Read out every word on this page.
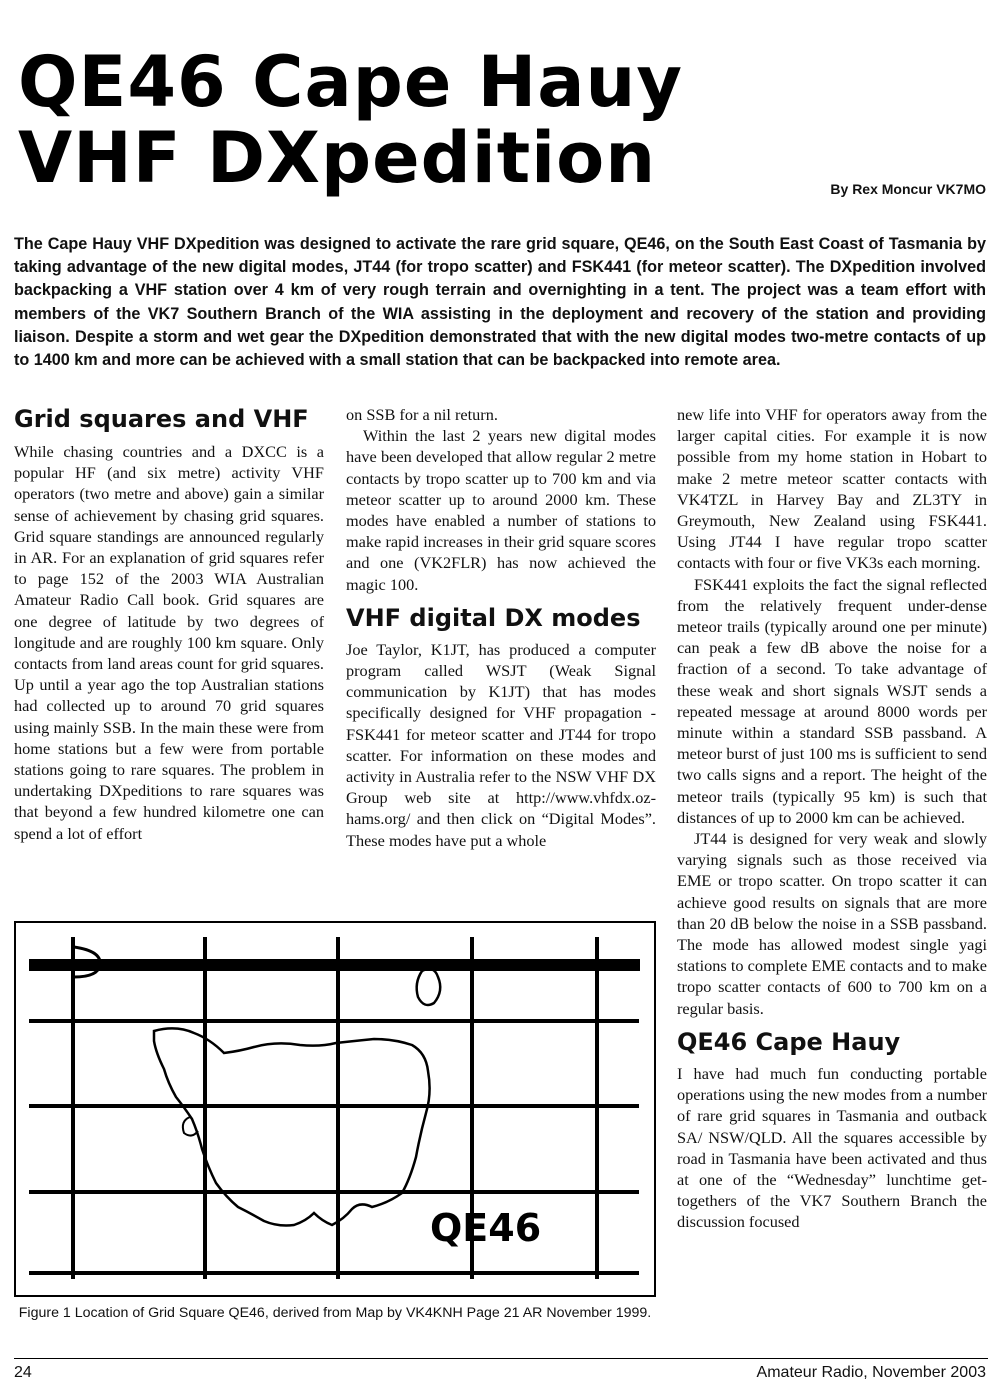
QE46 Cape Hauy
VHF DXpedition	By Rex Moncur VK7MO

The Cape Hauy VHF DXpedition was designed to activate the rare grid square, QE46, on the South East Coast of Tasmania by taking advantage of the new digital modes, JT44 (for tropo scatter) and FSK441 (for meteor scatter). The DXpedition involved backpacking a VHF station over 4 km of very rough terrain and overnighting in a tent. The project was a team effort with members of the VK7 Southern Branch of the WIA assisting in the deployment and recovery of the station and providing liaison. Despite a storm and wet gear the DXpedition demonstrated that with the new digital modes two-metre contacts of up to 1400 km and more can be achieved with a small station that can be backpacked into remote area.

Grid squares and VHF

While chasing countries and a DXCC is a popular HF (and six metre) activity VHF operators (two metre and above) gain a similar sense of achievement by chasing grid squares. Grid square standings are announced regularly in AR. For an explanation of grid squares refer to page 152 of the 2003 WIA Australian Amateur Radio Call book. Grid squares are one degree of latitude by two degrees of longitude and are roughly 100 km square. Only contacts from land areas count for grid squares. Up until a year ago the top Australian stations had collected up to around 70 grid squares using mainly SSB. In the main these were from home stations but a few were from portable stations going to rare squares. The problem in undertaking DXpeditions to rare squares was that beyond a few hundred kilometre one can spend a lot of effort

on SSB for a nil return.

Within the last 2 years new digital modes have been developed that allow regular 2 metre contacts by tropo scatter up to 700 km and via meteor scatter up to around 2000 km. These modes have enabled a number of stations to make rapid increases in their grid square scores and one (VK2FLR) has now achieved the magic 100.

VHF digital DX modes

Joe Taylor, K1JT, has produced a computer program called WSJT (Weak Signal communication by K1JT) that has modes specifically designed for VHF propagation - FSK441 for meteor scatter and JT44 for tropo scatter. For information on these modes and activity in Australia refer to the NSW VHF DX Group web site at http://www.vhfdx.oz-hams.org/ and then click on “Digital Modes”. These modes have put a whole

new life into VHF for operators away from the larger capital cities. For example it is now possible from my home station in Hobart to make 2 metre meteor scatter contacts with VK4TZL in Harvey Bay and ZL3TY in Greymouth, New Zealand using FSK441. Using JT44 I have regular tropo scatter contacts with four or five VK3s each morning.

FSK441 exploits the fact the signal reflected from the relatively frequent under-dense meteor trails (typically around one per minute) can peak a few dB above the noise for a fraction of a second. To take advantage of these weak and short signals WSJT sends a repeated message at around 8000 words per minute within a standard SSB passband. A meteor burst of just 100 ms is sufficient to send two calls signs and a report. The height of the meteor trails (typically 95 km) is such that distances of up to 2000 km can be achieved.

JT44 is designed for very weak and slowly varying signals such as those received via EME or tropo scatter. On tropo scatter it can achieve good results on signals that are more than 20 dB below the noise in a SSB passband. The mode has allowed modest single yagi stations to complete EME contacts and to make tropo scatter contacts of 600 to 700 km on a regular basis.

QE46 Cape Hauy

I have had much fun conducting portable operations using the new modes from a number of rare grid squares in Tasmania and outback SA/ NSW/QLD. All the squares accessible by road in Tasmania have been activated and thus at one of the “Wednesday” lunchtime get-togethers of the VK7 Southern Branch the discussion focused

QE46
Figure 1 Location of Grid Square QE46, derived from Map by VK4KNH Page 21 AR November 1999.
24	Amateur Radio, November 2003
